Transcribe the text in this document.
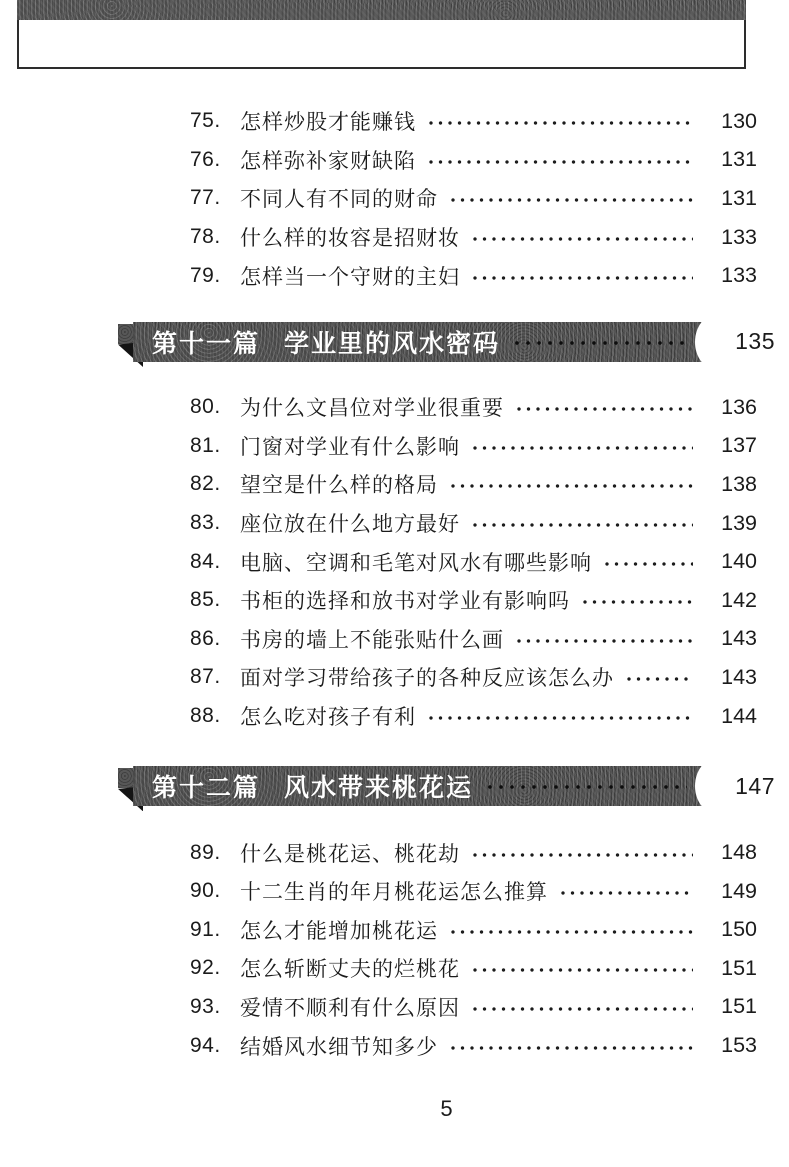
75. 怎样炒股才能赚钱	130
76. 怎样弥补家财缺陷	131
77. 不同人有不同的财命	131
78. 什么样的妆容是招财妆	133
79. 怎样当一个守财的主妇	133
第十一篇 学业里的风水密码	135
80. 为什么文昌位对学业很重要	136
81. 门窗对学业有什么影响	137
82. 望空是什么样的格局	138
83. 座位放在什么地方最好	139
84. 电脑、空调和毛笔对风水有哪些影响	140
85. 书柜的选择和放书对学业有影响吗	142
86. 书房的墙上不能张贴什么画	143
87. 面对学习带给孩子的各种反应该怎么办	143
88. 怎么吃对孩子有利	144
第十二篇 风水带来桃花运	147
89. 什么是桃花运、桃花劫	148
90. 十二生肖的年月桃花运怎么推算	149
91. 怎么才能增加桃花运	150
92. 怎么斩断丈夫的烂桃花	151
93. 爱情不顺利有什么原因	151
94. 结婚风水细节知多少	153
5
